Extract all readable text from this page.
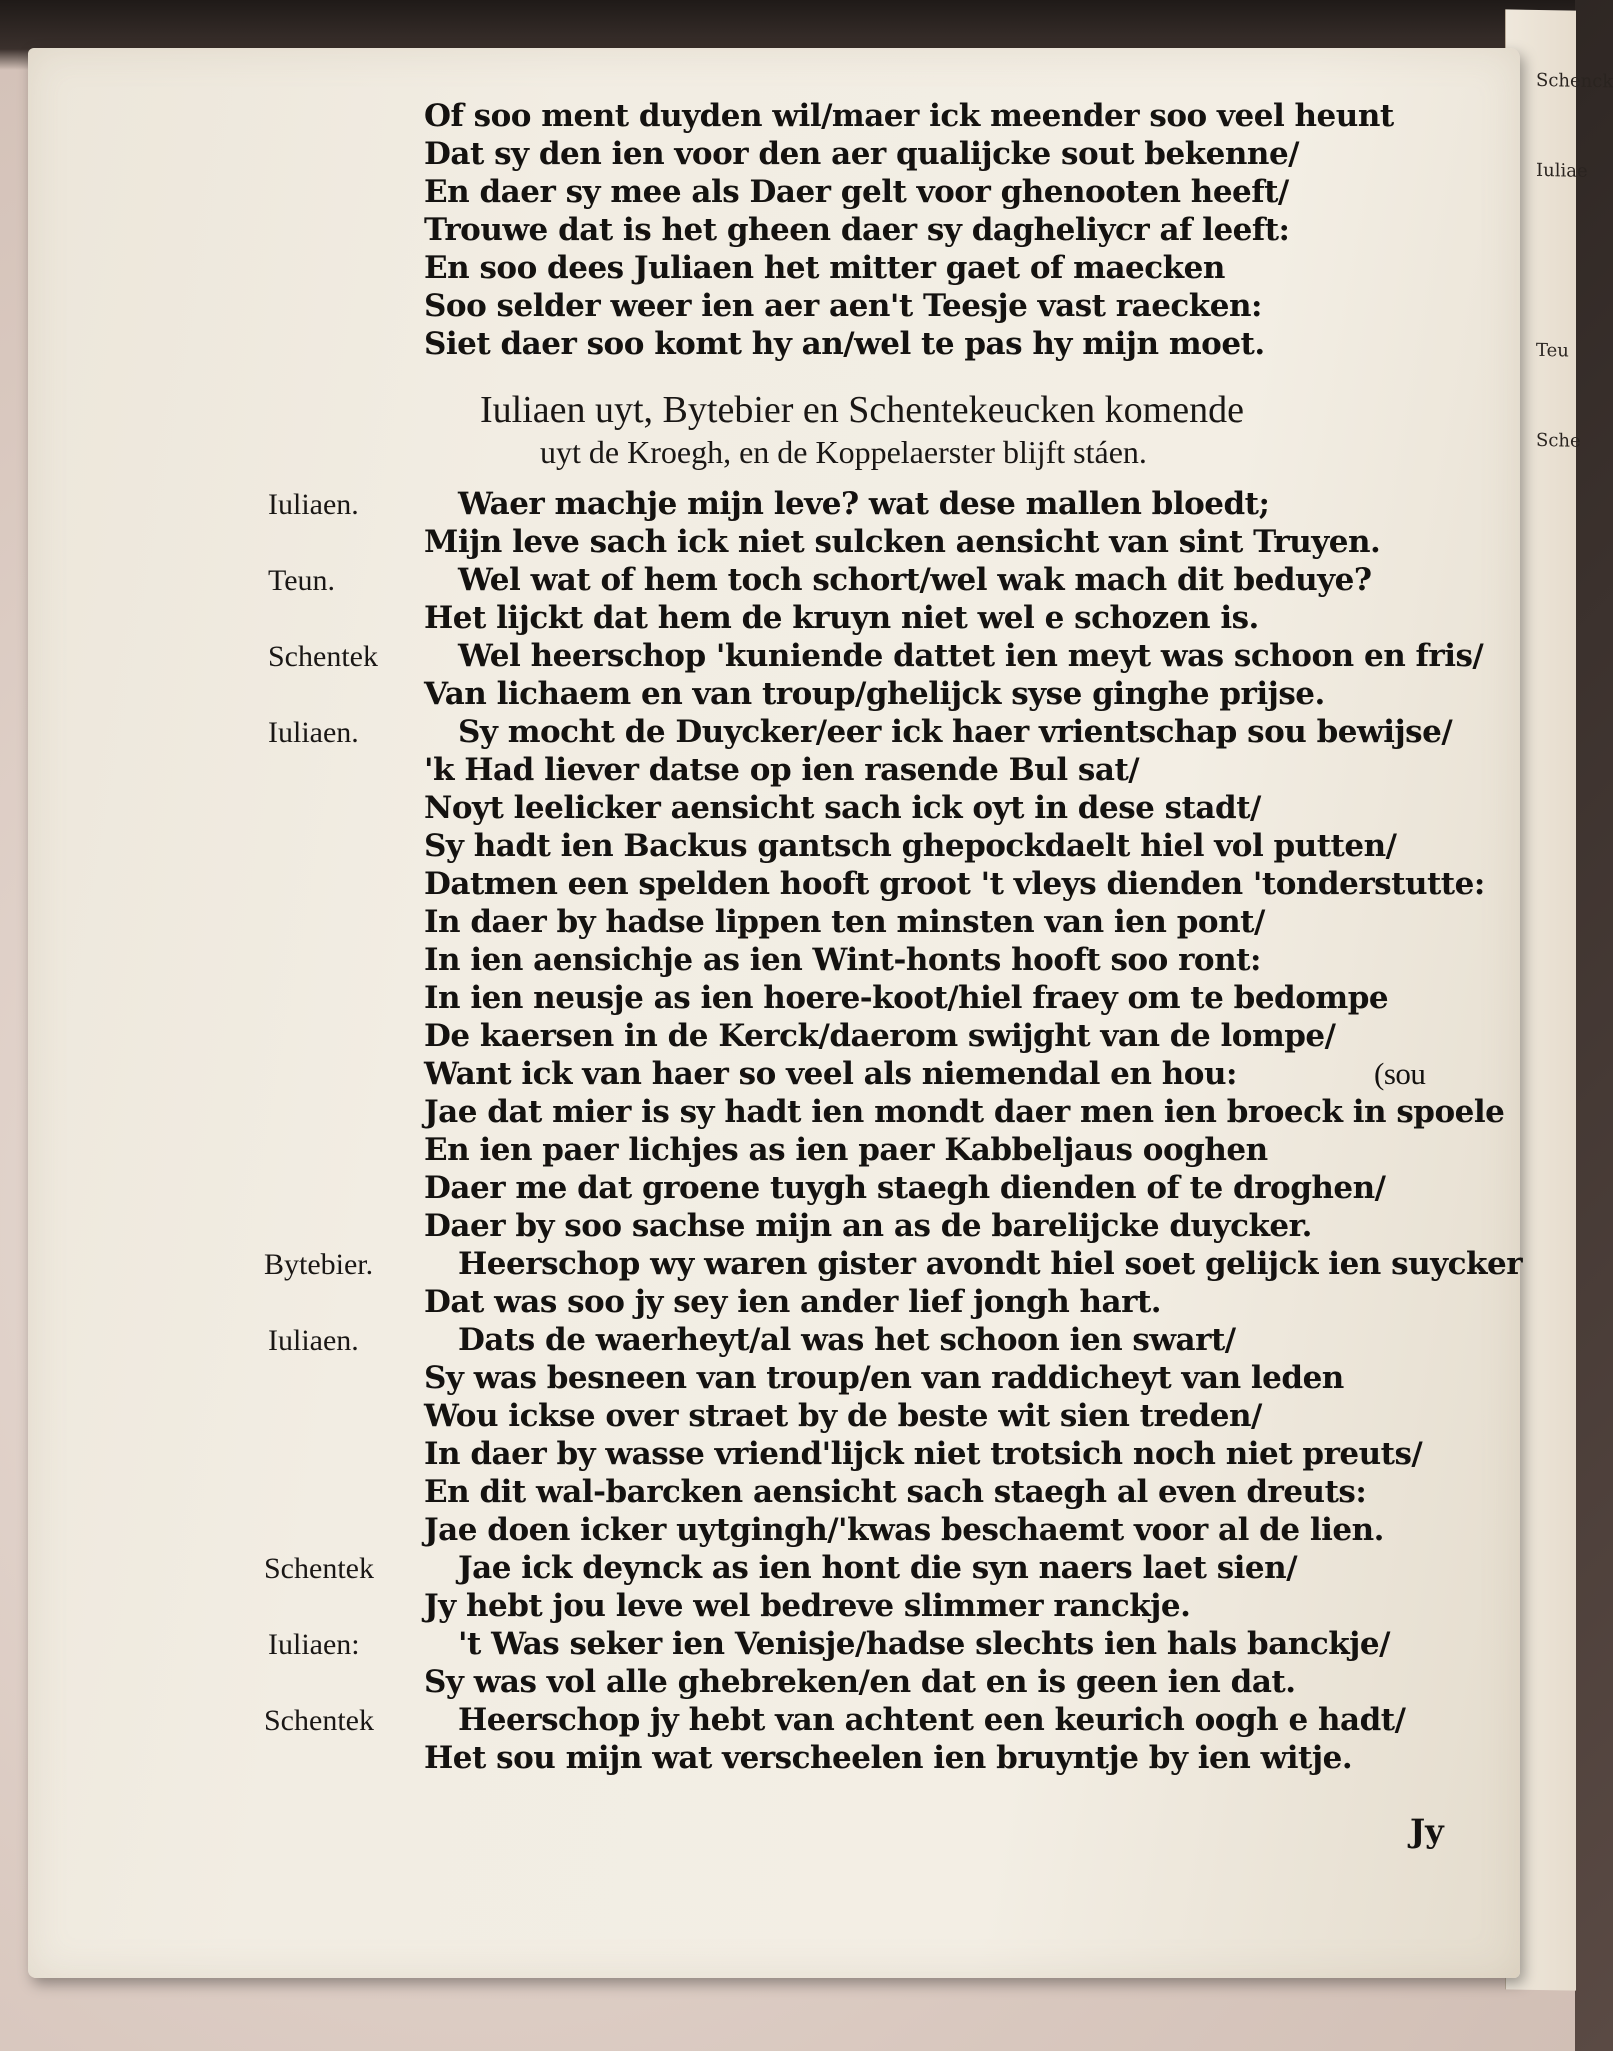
Schenck
Iuliae
Teu
Sche
Of soo ment duyden wil/maer ick meender soo veel heunt
Dat sy den ien voor den aer qualijcke sout bekenne/
En daer sy mee als Daer gelt voor ghenooten heeft/
Trouwe dat is het gheen daer sy dagheliycr af leeft:
En soo dees Juliaen het mitter gaet of maecken
Soo selder weer ien aer aen't Teesje vast raecken:
Siet daer soo komt hy an/wel te pas hy mijn moet.
Iuliaen uyt, Bytebier en Schentekeucken komende
uyt de Kroegh, en de Koppelaerster blijft stáen.
Iuliaen.	Waer machje mijn leve? wat dese mallen bloedt;
Mijn leve sach ick niet sulcken aensicht van sint Truyen.
Teun.	Wel wat of hem toch schort/wel wak mach dit beduye?
Het lijckt dat hem de kruyn niet wel e schozen is.
Schentek	Wel heerschop 'kuniende dattet ien meyt was schoon en fris/
Van lichaem en van troup/ghelijck syse ginghe prijse.
Iuliaen.	Sy mocht de Duycker/eer ick haer vrientschap sou bewijse/
'k Had liever datse op ien rasende Bul sat/
Noyt leelicker aensicht sach ick oyt in dese stadt/
Sy hadt ien Backus gantsch ghepockdaelt hiel vol putten/
Datmen een spelden hooft groot 't vleys dienden 'tonderstutte:
In daer by hadse lippen ten minsten van ien pont/
In ien aensichje as ien Wint-honts hooft soo ront:
In ien neusje as ien hoere-koot/hiel fraey om te bedompe
De kaersen in de Kerck/daerom swijght van de lompe/
Want ick van haer so veel als niemendal en hou:	(sou
Jae dat mier is sy hadt ien mondt daer men ien broeck in spoele
En ien paer lichjes as ien paer Kabbeljaus ooghen
Daer me dat groene tuygh staegh dienden of te droghen/
Daer by soo sachse mijn an as de barelijcke duycker.
Bytebier.	Heerschop wy waren gister avondt hiel soet gelijck ien suycker
Dat was soo jy sey ien ander lief jongh hart.
Iuliaen.	Dats de waerheyt/al was het schoon ien swart/
Sy was besneen van troup/en van raddicheyt van leden
Wou ickse over straet by de beste wit sien treden/
In daer by wasse vriend'lijck niet trotsich noch niet preuts/
En dit wal-barcken aensicht sach staegh al even dreuts:
Jae doen icker uytgingh/'kwas beschaemt voor al de lien.
Schentek	Jae ick deynck as ien hont die syn naers laet sien/
Jy hebt jou leve wel bedreve slimmer ranckje.
Iuliaen:	't Was seker ien Venisje/hadse slechts ien hals banckje/
Sy was vol alle ghebreken/en dat en is geen ien dat.
Schentek	Heerschop jy hebt van achtent een keurich oogh e hadt/
Het sou mijn wat verscheelen ien bruyntje by ien witje.
Jy
